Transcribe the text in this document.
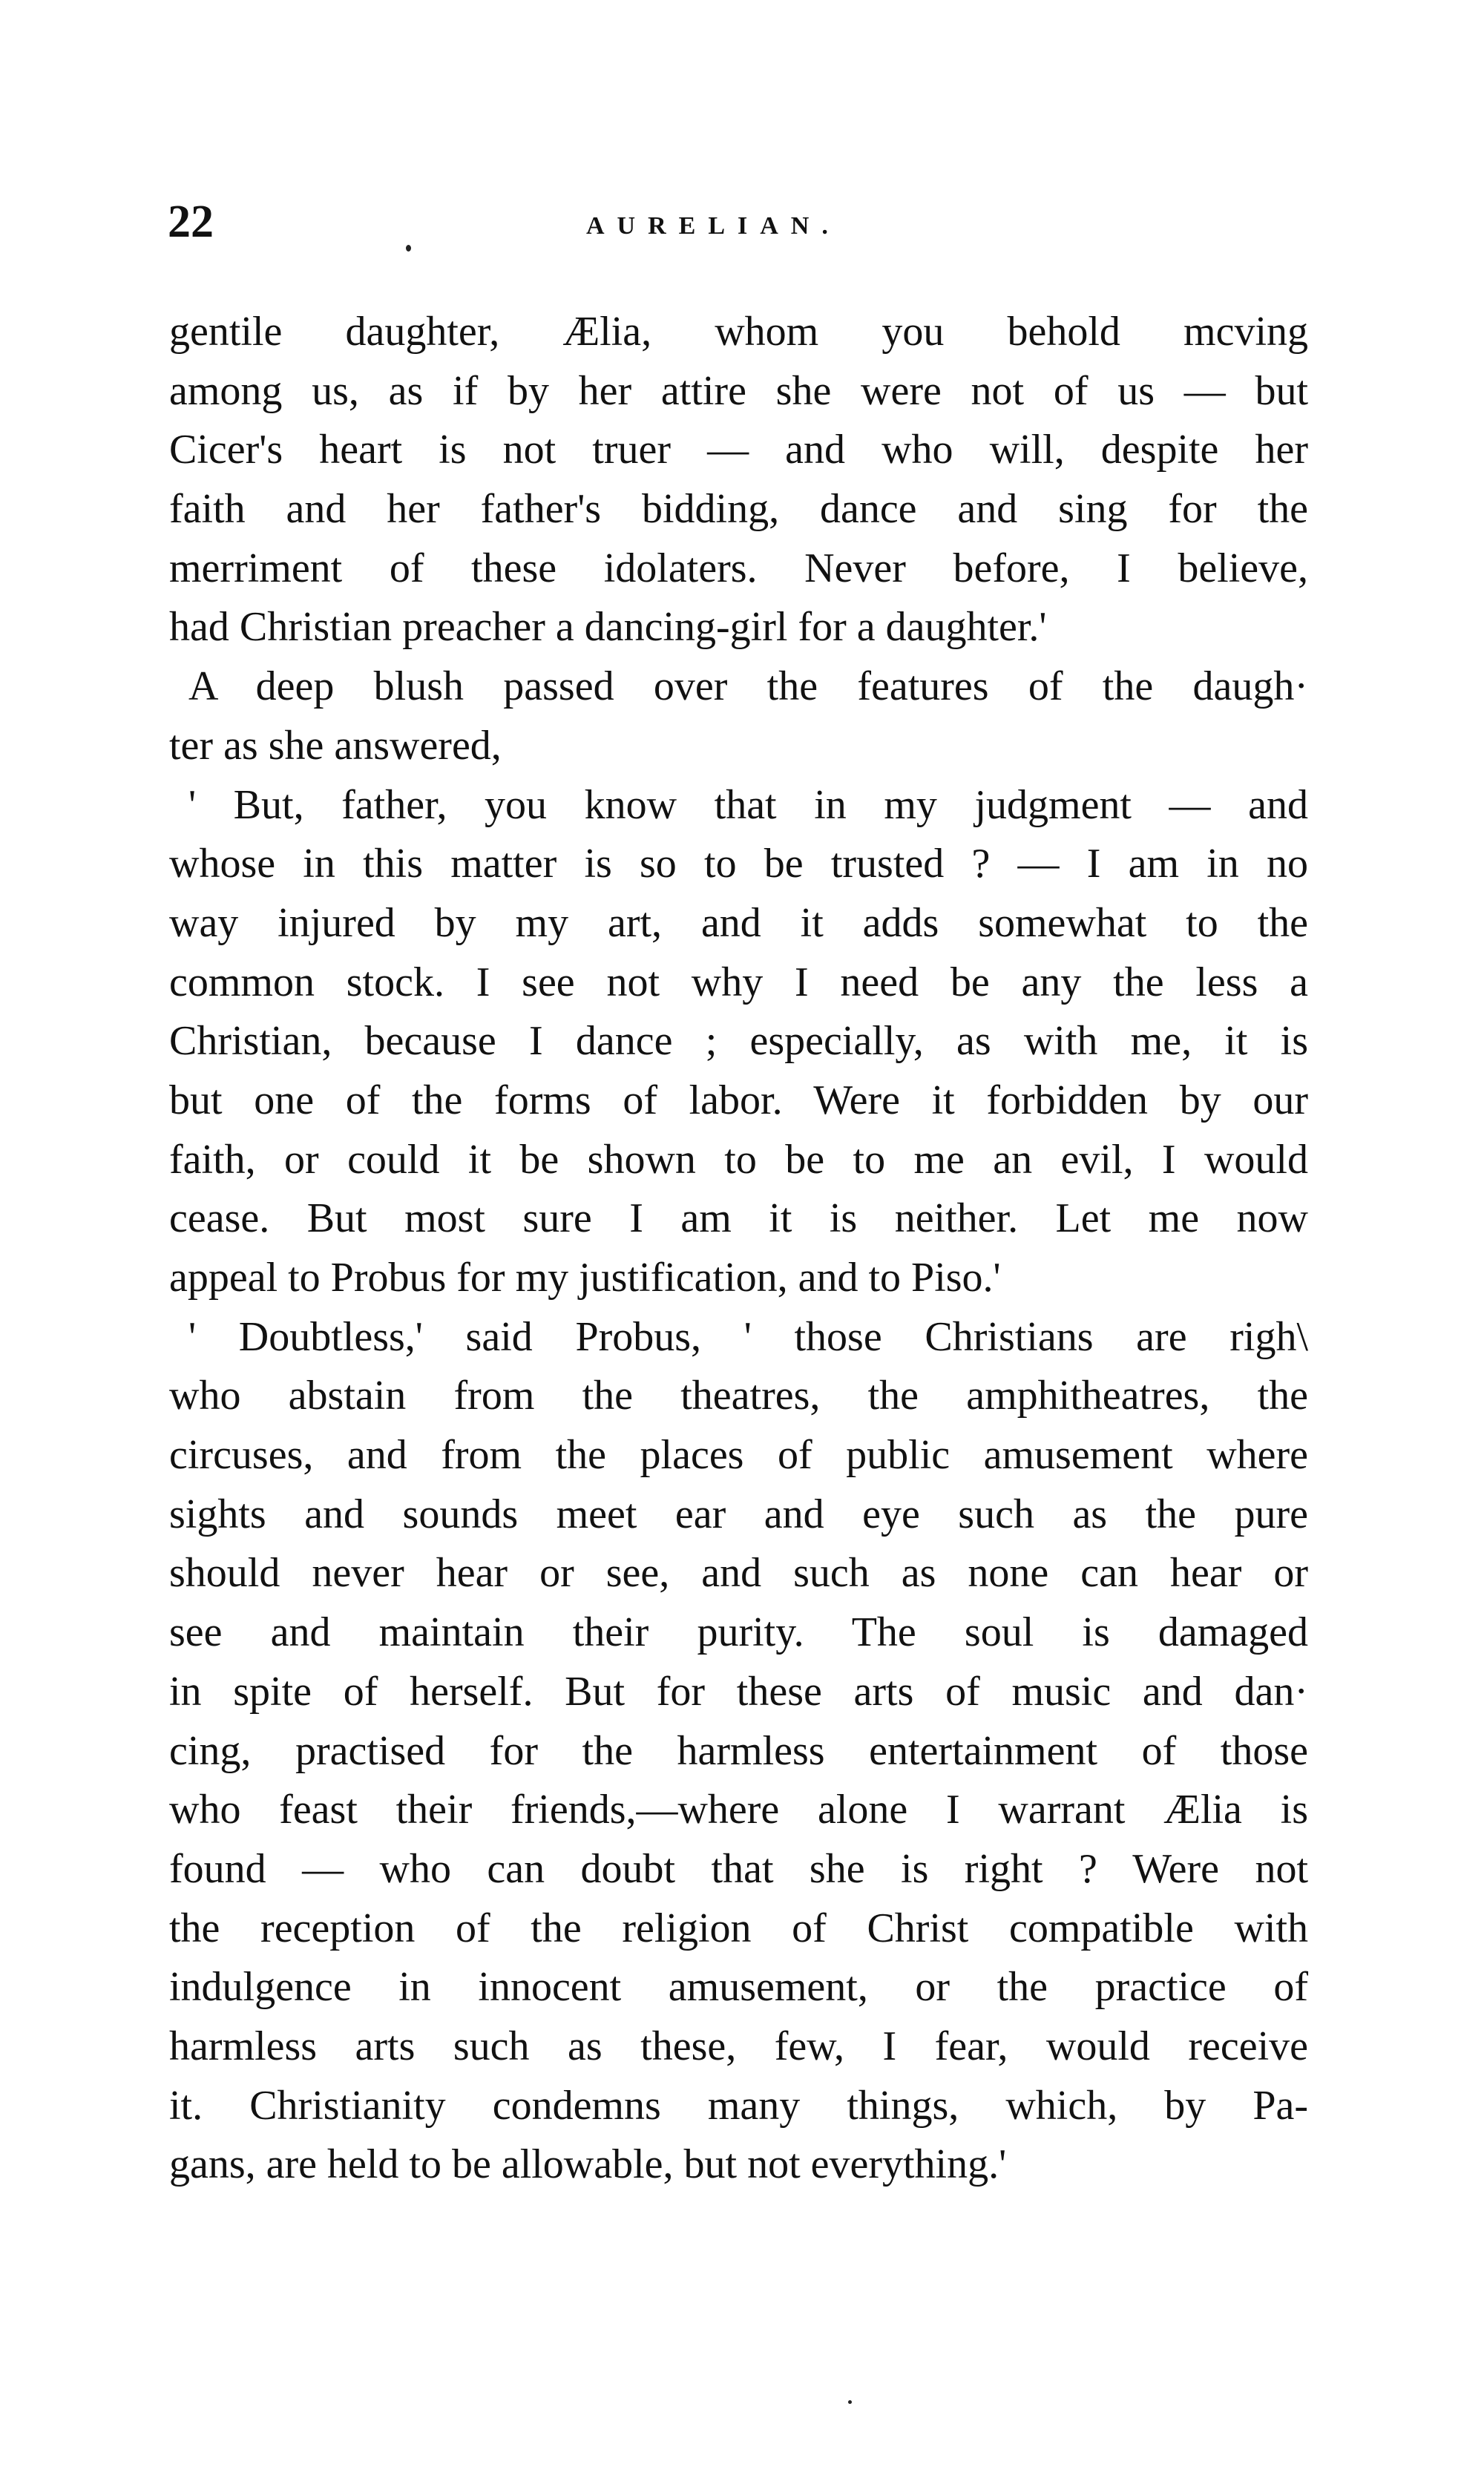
22	AURELIAN.
gentile daughter, Ælia, whom you behold mcving
among us, as if by her attire she were not of us — but
Cicer's heart is not truer — and who will, despite her
faith and her father's bidding, dance and sing for the
merriment of these idolaters. Never before, I believe,
had Christian preacher a dancing-girl for a daughter.'
A deep blush passed over the features of the daugh·
ter as she answered,
' But, father, you know that in my judgment — and
whose in this matter is so to be trusted ? — I am in no
way injured by my art, and it adds somewhat to the
common stock. I see not why I need be any the less a
Christian, because I dance ; especially, as with me, it is
but one of the forms of labor. Were it forbidden by our
faith, or could it be shown to be to me an evil, I would
cease. But most sure I am it is neither. Let me now
appeal to Probus for my justification, and to Piso.'
' Doubtless,' said Probus, ' those Christians are righ\
who abstain from the theatres, the amphitheatres, the
circuses, and from the places of public amusement where
sights and sounds meet ear and eye such as the pure
should never hear or see, and such as none can hear or
see and maintain their purity. The soul is damaged
in spite of herself. But for these arts of music and dan·
cing, practised for the harmless entertainment of those
who feast their friends,—where alone I warrant Ælia is
found — who can doubt that she is right ? Were not
the reception of the religion of Christ compatible with
indulgence in innocent amusement, or the practice of
harmless arts such as these, few, I fear, would receive
it. Christianity condemns many things, which, by Pa-
gans, are held to be allowable, but not everything.'
